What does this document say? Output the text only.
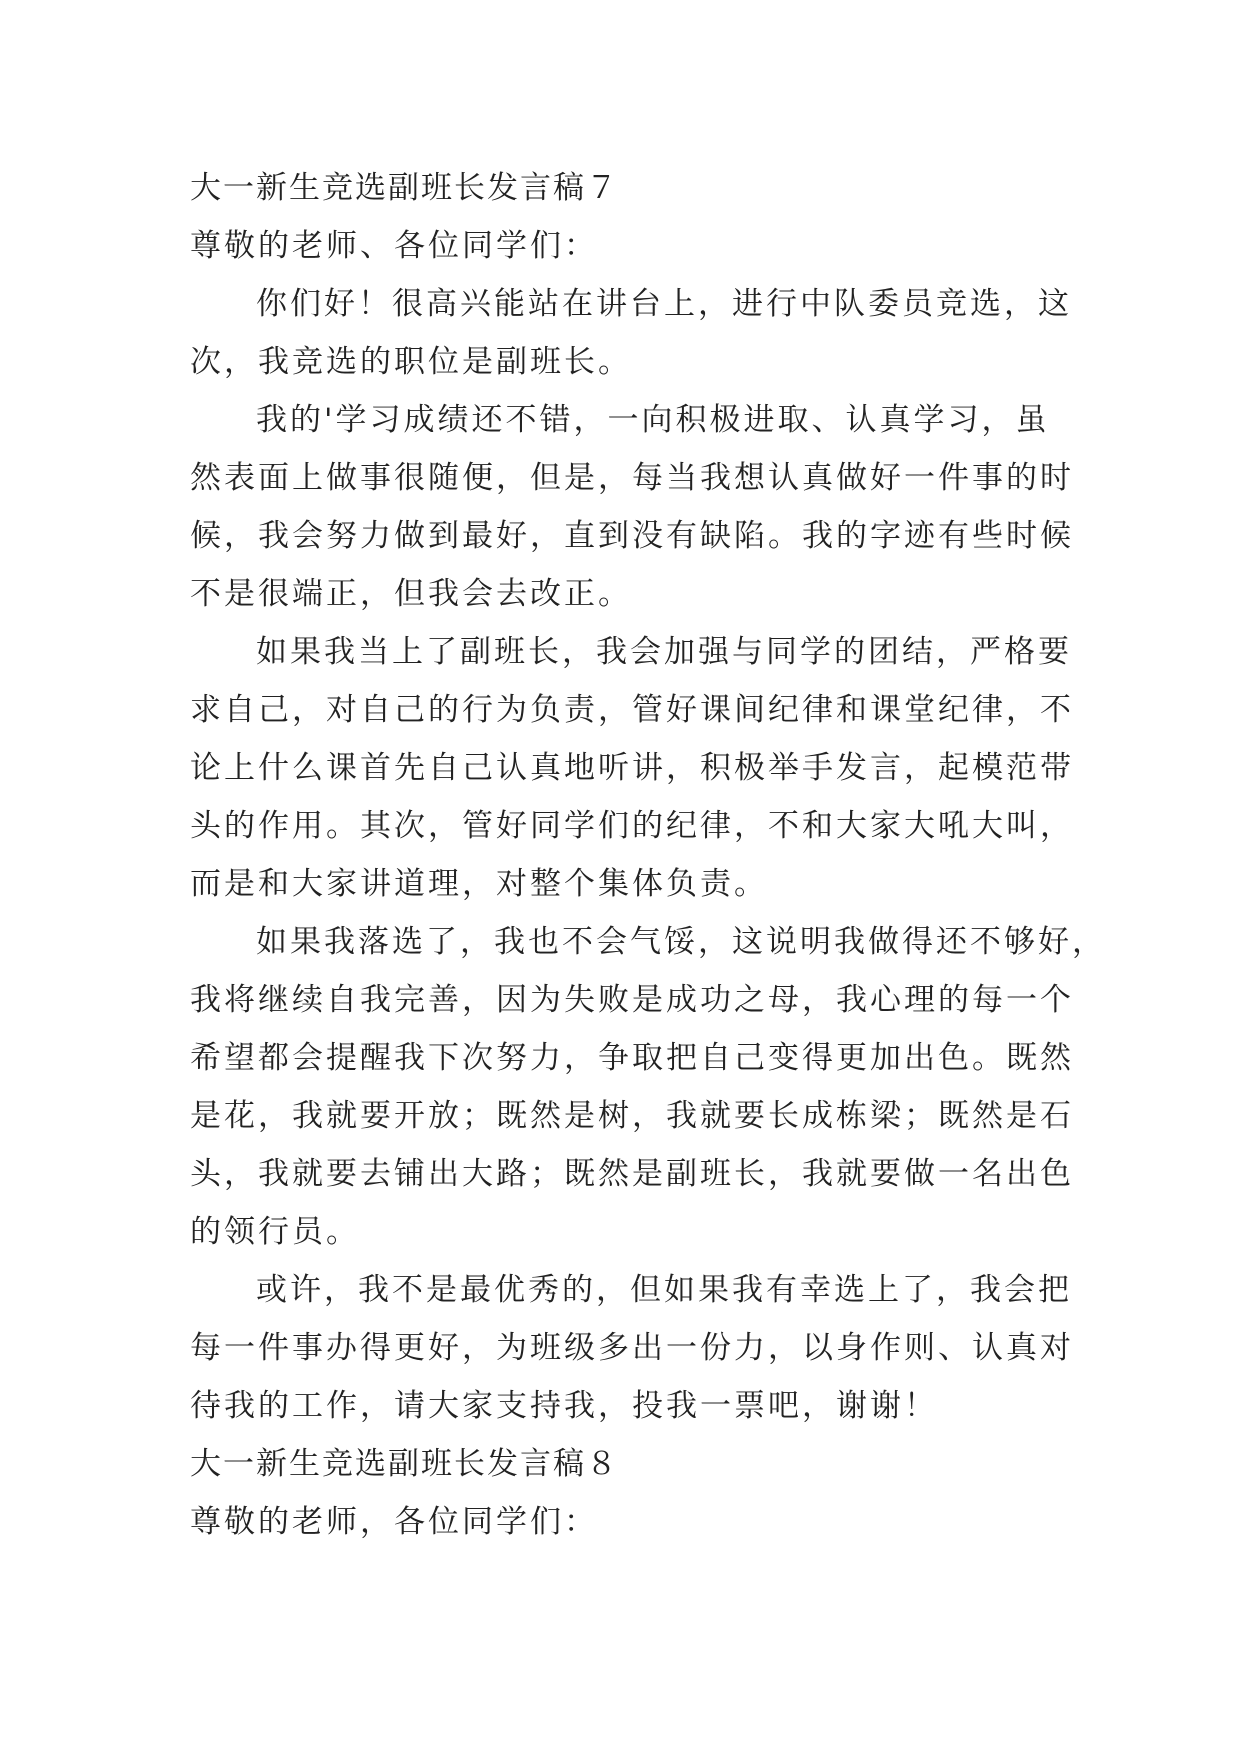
大一新生竞选副班长发言稿７
尊敬的老师、各位同学们：
你们好！很高兴能站在讲台上，进行中队委员竞选，这
次，我竞选的职位是副班长。
我的'学习成绩还不错，一向积极进取、认真学习，虽
然表面上做事很随便，但是，每当我想认真做好一件事的时
候，我会努力做到最好，直到没有缺陷。我的字迹有些时候
不是很端正，但我会去改正。
如果我当上了副班长，我会加强与同学的团结，严格要
求自己，对自己的行为负责，管好课间纪律和课堂纪律，不
论上什么课首先自己认真地听讲，积极举手发言，起模范带
头的作用。其次，管好同学们的纪律，不和大家大吼大叫，
而是和大家讲道理，对整个集体负责。
如果我落选了，我也不会气馁，这说明我做得还不够好，
我将继续自我完善，因为失败是成功之母，我心理的每一个
希望都会提醒我下次努力，争取把自己变得更加出色。既然
是花，我就要开放；既然是树，我就要长成栋梁；既然是石
头，我就要去铺出大路；既然是副班长，我就要做一名出色
的领行员。
或许，我不是最优秀的，但如果我有幸选上了，我会把
每一件事办得更好，为班级多出一份力，以身作则、认真对
待我的工作，请大家支持我，投我一票吧，谢谢！
大一新生竞选副班长发言稿８
尊敬的老师，各位同学们：
